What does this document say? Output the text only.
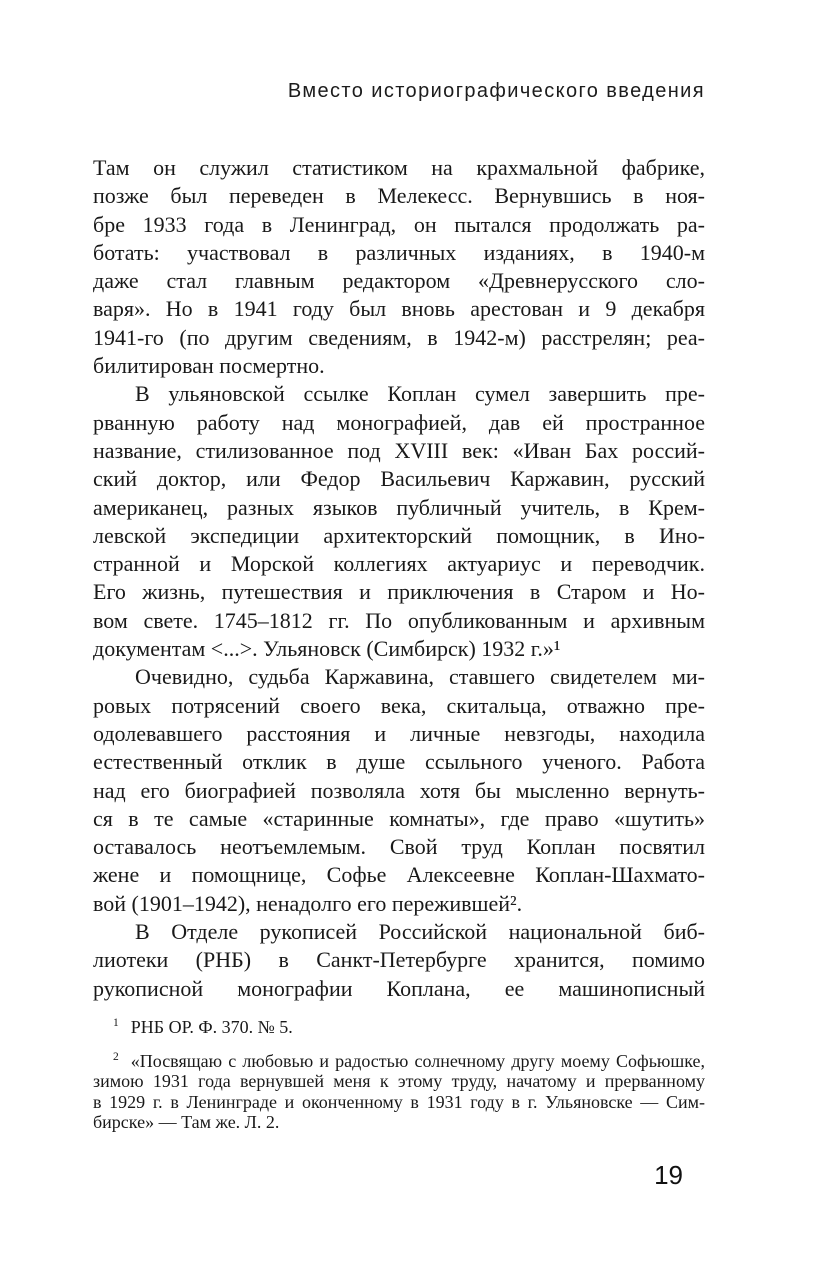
Вместо историографического введения
Там он служил статистиком на крахмальной фабрике,
позже был переведен в Мелекесс. Вернувшись в ноя-
бре 1933 года в Ленинград, он пытался продолжать ра-
ботать: участвовал в различных изданиях, в 1940-м
даже стал главным редактором «Древнерусского сло-
варя». Но в 1941 году был вновь арестован и 9 декабря
1941-го (по другим сведениям, в 1942-м) расстрелян; реа-
билитирован посмертно.
В ульяновской ссылке Коплан сумел завершить пре-
рванную работу над монографией, дав ей пространное
название, стилизованное под XVIII век: «Иван Бах россий-
ский доктор, или Федор Васильевич Каржавин, русский
американец, разных языков публичный учитель, в Крем-
левской экспедиции архитекторский помощник, в Ино-
странной и Морской коллегиях актуариус и переводчик.
Его жизнь, путешествия и приключения в Старом и Но-
вом свете. 1745–1812 гг. По опубликованным и архивным
документам <...>. Ульяновск (Симбирск) 1932 г.»¹
Очевидно, судьба Каржавина, ставшего свидетелем ми-
ровых потрясений своего века, скитальца, отважно пре-
одолевавшего расстояния и личные невзгоды, находила
естественный отклик в душе ссыльного ученого. Работа
над его биографией позволяла хотя бы мысленно вернуть-
ся в те самые «старинные комнаты», где право «шутить»
оставалось неотъемлемым. Свой труд Коплан посвятил
жене и помощнице, Софье Алексеевне Коплан-Шахмато-
вой (1901–1942), ненадолго его пережившей².
В Отделе рукописей Российской национальной биб-
лиотеки (РНБ) в Санкт-Петербурге хранится, помимо
рукописной монографии Коплана, ее машинописный
$^1$ РНБ ОР. Ф. 370. № 5.
$^2$ «Посвящаю с любовью и радостью солнечному другу моему Софьюшке,
зимою 1931 года вернувшей меня к этому труду, начатому и прерванному
в 1929 г. в Ленинграде и оконченному в 1931 году в г. Ульяновске — Сим-
бирске» — Там же. Л. 2.
19
